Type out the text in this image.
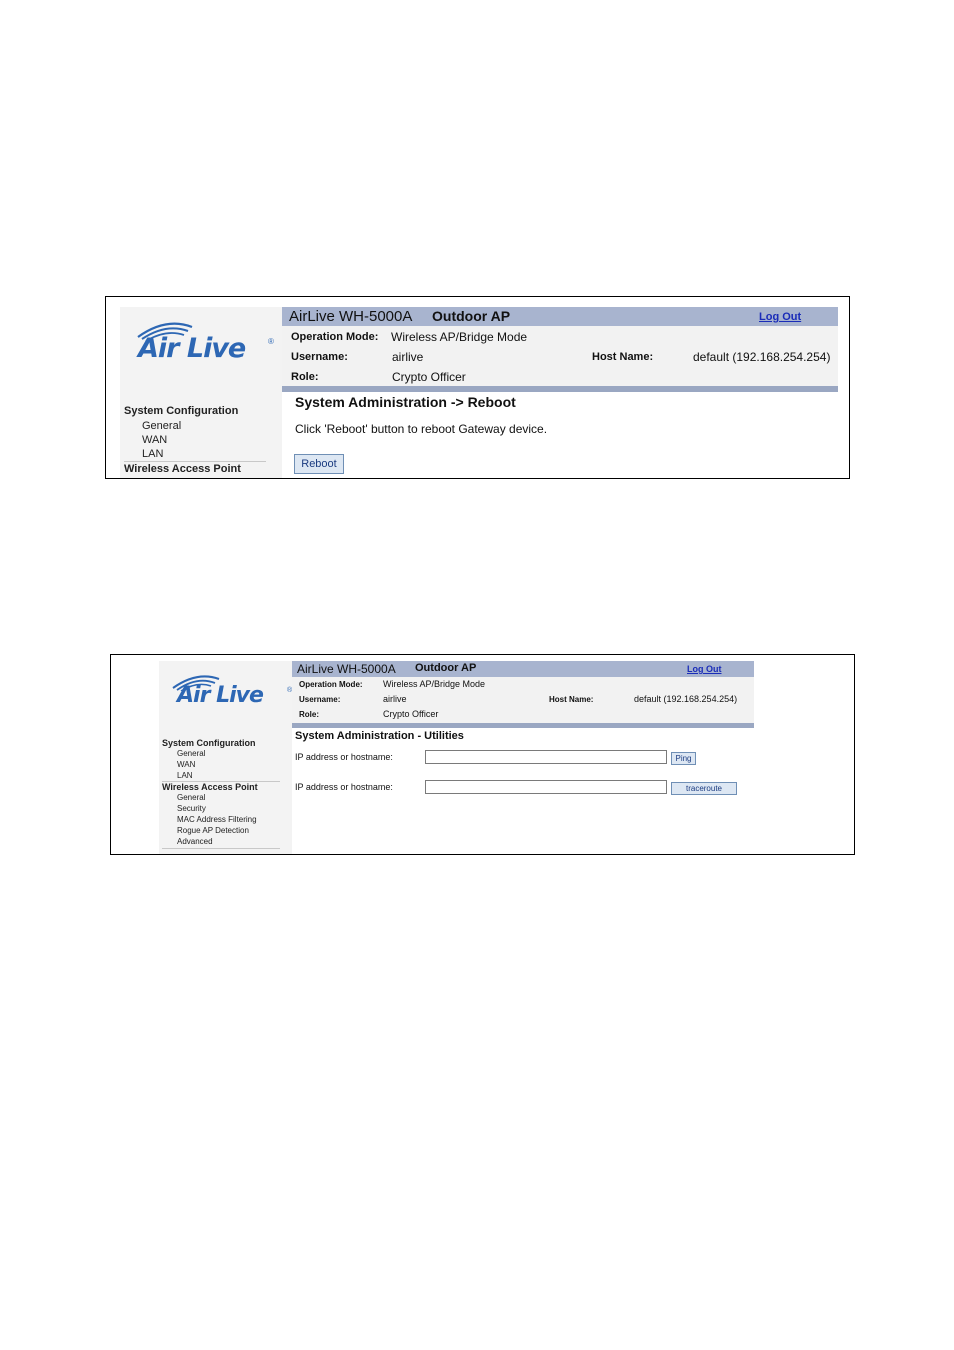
Air Live	®
System Configuration
General
WAN
LAN
Wireless Access Point
AirLive WH-5000A Outdoor AP	Log Out
Operation Mode: Wireless AP/Bridge Mode
Username:	airlive	Host Name:	default (192.168.254.254)
Role:	Crypto Officer
System Administration -> Reboot
Click 'Reboot' button to reboot Gateway device.
Reboot
Air Live	®
System Configuration
General
WAN
LAN
Wireless Access Point
General
Security
MAC Address Filtering
Rogue AP Detection
Advanced
AirLive WH-5000A Outdoor AP	Log Out
Operation Mode: Wireless AP/Bridge Mode
Username:	airlive	Host Name:	default (192.168.254.254)
Role:	Crypto Officer
System Administration - Utilities
IP address or hostname:	Ping
IP address or hostname:	traceroute
